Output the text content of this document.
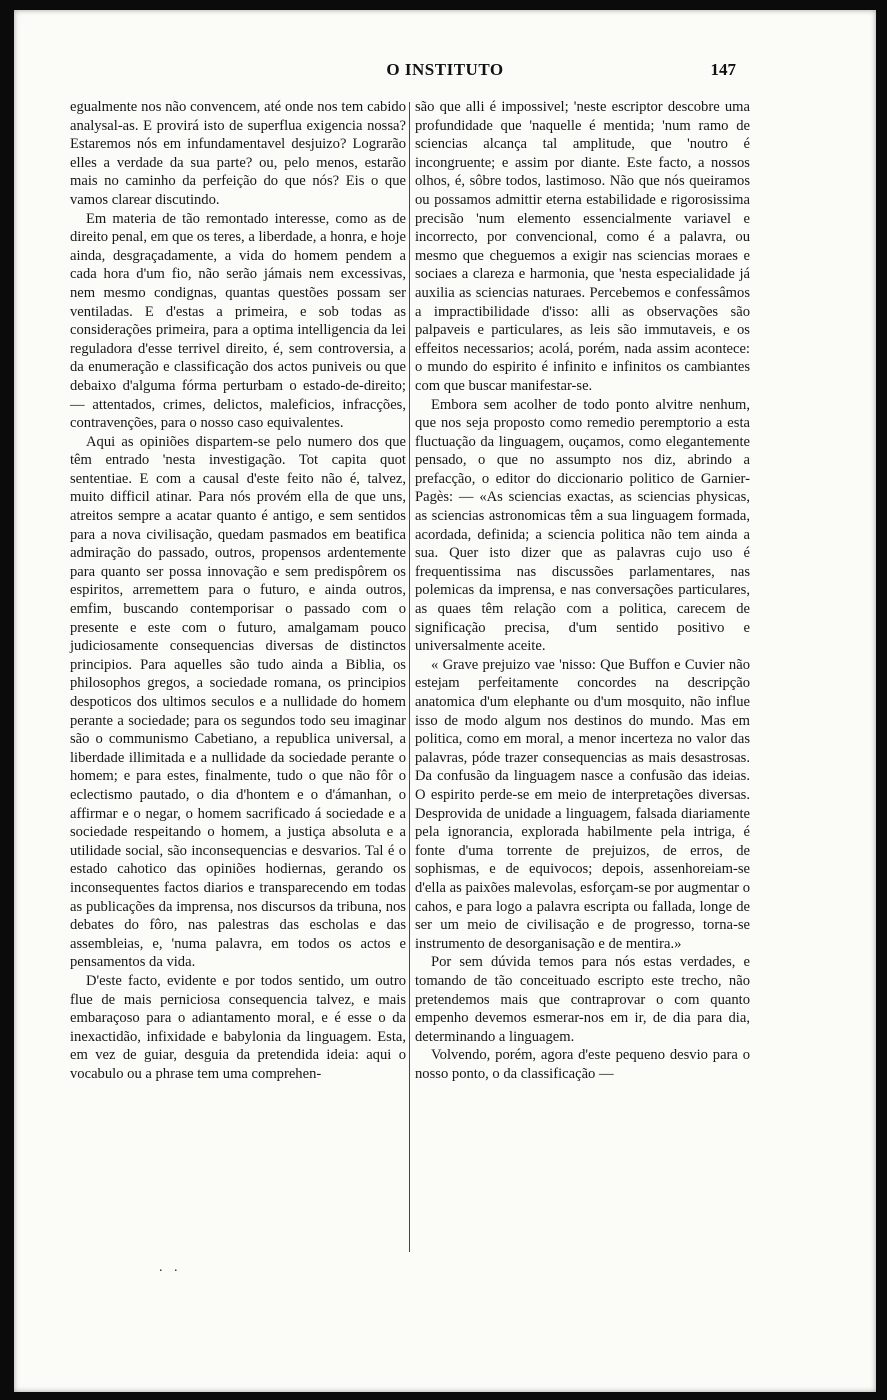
O INSTITUTO	147

egualmente nos não convencem, até onde nos tem cabido analysal-as. E provirá isto de superflua exigencia nossa? Estaremos nós em infundamentavel desjuizo? Lograrão elles a verdade da sua parte? ou, pelo menos, estarão mais no caminho da perfeição do que nós? Eis o que vamos clarear discutindo.

Em materia de tão remontado interesse, como as de direito penal, em que os teres, a liberdade, a honra, e hoje ainda, desgraçadamente, a vida do homem pendem a cada hora d'um fio, não serão jámais nem excessivas, nem mesmo condignas, quantas questões possam ser ventiladas. E d'estas a primeira, e sob todas as considerações primeira, para a optima intelligencia da lei reguladora d'esse terrivel direito, é, sem controversia, a da enumeração e classificação dos actos puniveis ou que debaixo d'alguma fórma perturbam o estado-de-direito; — attentados, crimes, delictos, maleficios, infracções, contravenções, para o nosso caso equivalentes.

Aqui as opiniões dispartem-se pelo numero dos que têm entrado 'nesta investigação. Tot capita quot sententiae. E com a causal d'este feito não é, talvez, muito difficil atinar. Para nós provém ella de que uns, atreitos sempre a acatar quanto é antigo, e sem sentidos para a nova civilisação, quedam pasmados em beatifica admiração do passado, outros, propensos ardentemente para quanto ser possa innovação e sem predispôrem os espiritos, arremettem para o futuro, e ainda outros, emfim, buscando contemporisar o passado com o presente e este com o futuro, amalgamam pouco judiciosamente consequencias diversas de distinctos principios. Para aquelles são tudo ainda a Biblia, os philosophos gregos, a sociedade romana, os principios despoticos dos ultimos seculos e a nullidade do homem perante a sociedade; para os segundos todo seu imaginar são o communismo Cabetiano, a republica universal, a liberdade illimitada e a nullidade da sociedade perante o homem; e para estes, finalmente, tudo o que não fôr o eclectismo pautado, o dia d'hontem e o d'ámanhan, o affirmar e o negar, o homem sacrificado á sociedade e a sociedade respeitando o homem, a justiça absoluta e a utilidade social, são inconsequencias e desvarios. Tal é o estado cahotico das opiniões hodiernas, gerando os inconsequentes factos diarios e transparecendo em todas as publicações da imprensa, nos discursos da tribuna, nos debates do fôro, nas palestras das escholas e das assembleias, e, 'numa palavra, em todos os actos e pensamentos da vida.

D'este facto, evidente e por todos sentido, um outro flue de mais perniciosa consequencia talvez, e mais embaraçoso para o adiantamento moral, e é esse o da inexactidão, infixidade e babylonia da linguagem. Esta, em vez de guiar, desguia da pretendida ideia: aqui o vocabulo ou a phrase tem uma comprehen-

são que alli é impossivel; 'neste escriptor descobre uma profundidade que 'naquelle é mentida; 'num ramo de sciencias alcança tal amplitude, que 'noutro é incongruente; e assim por diante. Este facto, a nossos olhos, é, sôbre todos, lastimoso. Não que nós queiramos ou possamos admittir eterna estabilidade e rigorosissima precisão 'num elemento essencialmente variavel e incorrecto, por convencional, como é a palavra, ou mesmo que cheguemos a exigir nas sciencias moraes e sociaes a clareza e harmonia, que 'nesta especialidade já auxilia as sciencias naturaes. Percebemos e confessâmos a impractibilidade d'isso: alli as observações são palpaveis e particulares, as leis são immutaveis, e os effeitos necessarios; acolá, porém, nada assim acontece: o mundo do espirito é infinito e infinitos os cambiantes com que buscar manifestar-se.

Embora sem acolher de todo ponto alvitre nenhum, que nos seja proposto como remedio peremptorio a esta fluctuação da linguagem, ouçamos, como elegantemente pensado, o que no assumpto nos diz, abrindo a prefacção, o editor do diccionario politico de Garnier-Pagès: — «As sciencias exactas, as sciencias physicas, as sciencias astronomicas têm a sua linguagem formada, acordada, definida; a sciencia politica não tem ainda a sua. Quer isto dizer que as palavras cujo uso é frequentissima nas discussões parlamentares, nas polemicas da imprensa, e nas conversações particulares, as quaes têm relação com a politica, carecem de significação precisa, d'um sentido positivo e universalmente aceite.

« Grave prejuizo vae 'nisso: Que Buffon e Cuvier não estejam perfeitamente concordes na descripção anatomica d'um elephante ou d'um mosquito, não influe isso de modo algum nos destinos do mundo. Mas em politica, como em moral, a menor incerteza no valor das palavras, póde trazer consequencias as mais desastrosas. Da confusão da linguagem nasce a confusão das ideias. O espirito perde-se em meio de interpretações diversas. Desprovida de unidade a linguagem, falsada diariamente pela ignorancia, explorada habilmente pela intriga, é fonte d'uma torrente de prejuizos, de erros, de sophismas, e de equivocos; depois, assenhoreiam-se d'ella as paixões malevolas, esforçam-se por augmentar o cahos, e para logo a palavra escripta ou fallada, longe de ser um meio de civilisação e de progresso, torna-se instrumento de desorganisação e de mentira.»

Por sem dúvida temos para nós estas verdades, e tomando de tão conceituado escripto este trecho, não pretendemos mais que contraprovar o com quanto empenho devemos esmerar-nos em ir, de dia para dia, determinando a linguagem.

Volvendo, porém, agora d'este pequeno desvio para o nosso ponto, o da classificação —

. .
